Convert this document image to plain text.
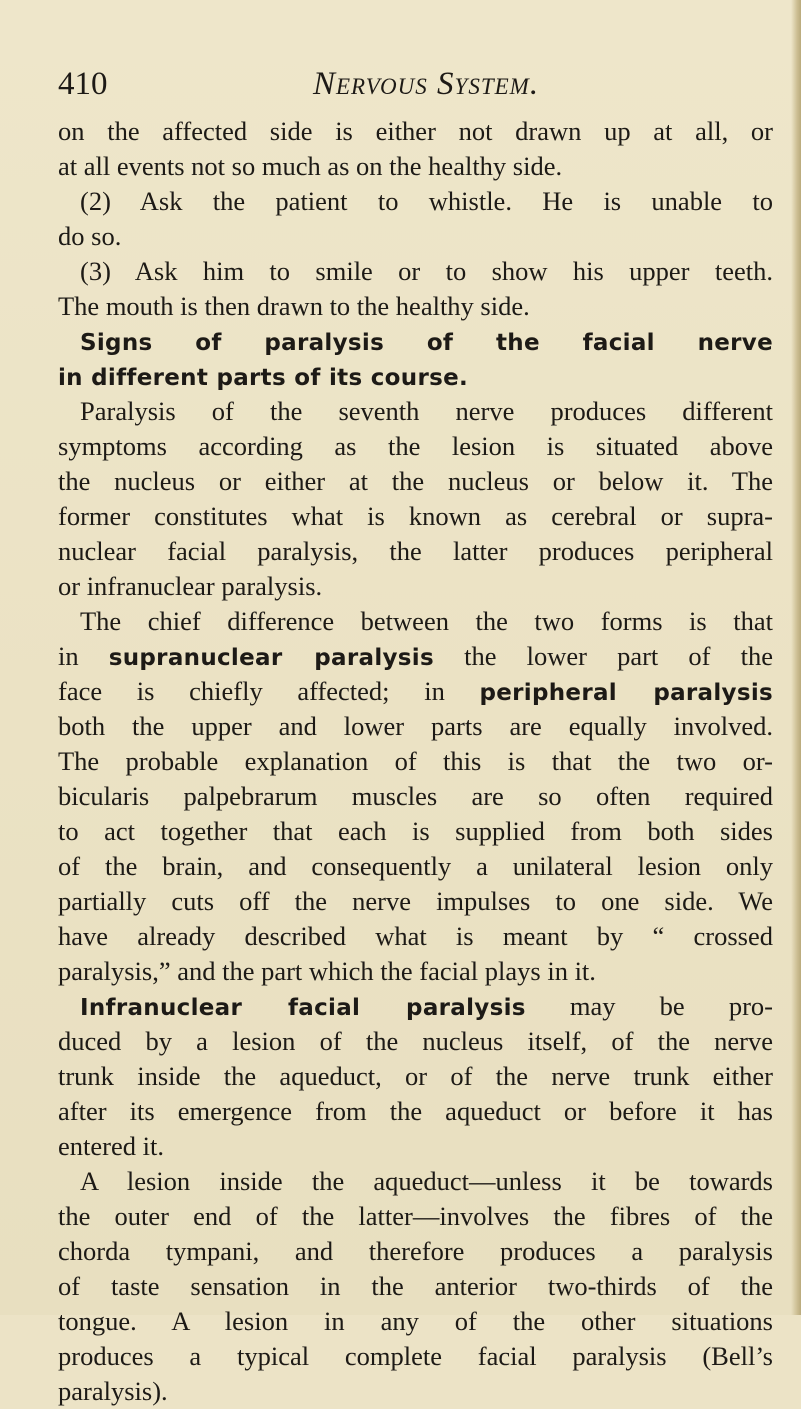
410	Nervous System.
on the affected side is either not drawn up at all, or
at all events not so much as on the healthy side.
(2) Ask the patient to whistle. He is unable to
do so.
(3) Ask him to smile or to show his upper teeth.
The mouth is then drawn to the healthy side.
Signs of paralysis of the facial nerve
in different parts of its course.
Paralysis of the seventh nerve produces different
symptoms according as the lesion is situated above
the nucleus or either at the nucleus or below it. The
former constitutes what is known as cerebral or supra-
nuclear facial paralysis, the latter produces peripheral
or infranuclear paralysis.
The chief difference between the two forms is that
in supranuclear paralysis the lower part of the
face is chiefly affected; in peripheral paralysis
both the upper and lower parts are equally involved.
The probable explanation of this is that the two or-
bicularis palpebrarum muscles are so often required
to act together that each is supplied from both sides
of the brain, and consequently a unilateral lesion only
partially cuts off the nerve impulses to one side. We
have already described what is meant by “ crossed
paralysis,” and the part which the facial plays in it.
Infranuclear facial paralysis may be pro-
duced by a lesion of the nucleus itself, of the nerve
trunk inside the aqueduct, or of the nerve trunk either
after its emergence from the aqueduct or before it has
entered it.
A lesion inside the aqueduct—unless it be towards
the outer end of the latter—involves the fibres of the
chorda tympani, and therefore produces a paralysis
of taste sensation in the anterior two-thirds of the
tongue. A lesion in any of the other situations
produces a typical complete facial paralysis (Bell’s
paralysis).
